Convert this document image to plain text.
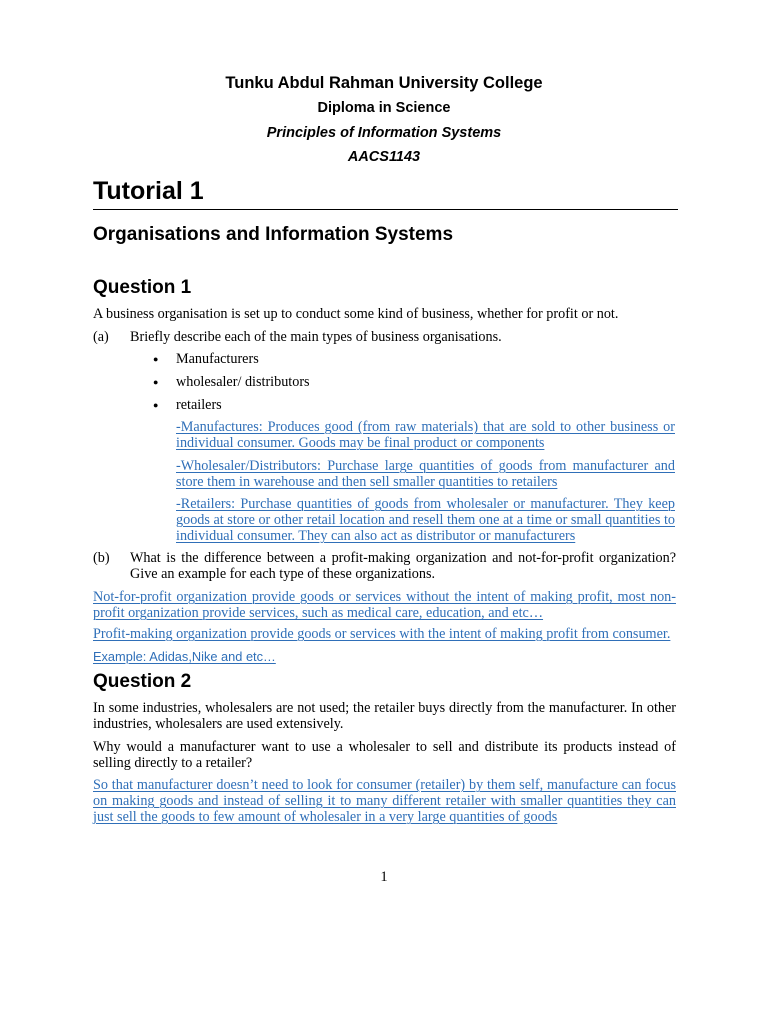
Tunku Abdul Rahman University College
Diploma in Science
Principles of Information Systems
AACS1143
Tutorial 1
Organisations and Information Systems
Question 1
A business organisation is set up to conduct some kind of business, whether for profit or not.
(a) Briefly describe each of the main types of business organisations.
● Manufacturers
● wholesaler/ distributors
● retailers
-Manufactures: Produces good (from raw materials) that are sold to other business or
individual consumer. Goods may be final product or components
-Wholesaler/Distributors: Purchase large quantities of goods from manufacturer and
store them in warehouse and then sell smaller quantities to retailers
-Retailers: Purchase quantities of goods from wholesaler or manufacturer. They keep
goods at store or other retail location and resell them one at a time or small quantities to
individual consumer. They can also act as distributor or manufacturers
(b) What is the difference between a profit-making organization and not-for-profit organization?
Give an example for each type of these organizations.
Not-for-profit organization provide goods or services without the intent of making profit, most non-
profit organization provide services, such as medical care, education, and etc…
Profit-making organization provide goods or services with the intent of making profit from consumer.
Example: Adidas,Nike and etc…
Question 2
In some industries, wholesalers are not used; the retailer buys directly from the manufacturer. In other
industries, wholesalers are used extensively.
Why would a manufacturer want to use a wholesaler to sell and distribute its products instead of
selling directly to a retailer?
So that manufacturer doesn’t need to look for consumer (retailer) by them self, manufacture can focus
on making goods and instead of selling it to many different retailer with smaller quantities they can
just sell the goods to few amount of wholesaler in a very large quantities of goods
1
